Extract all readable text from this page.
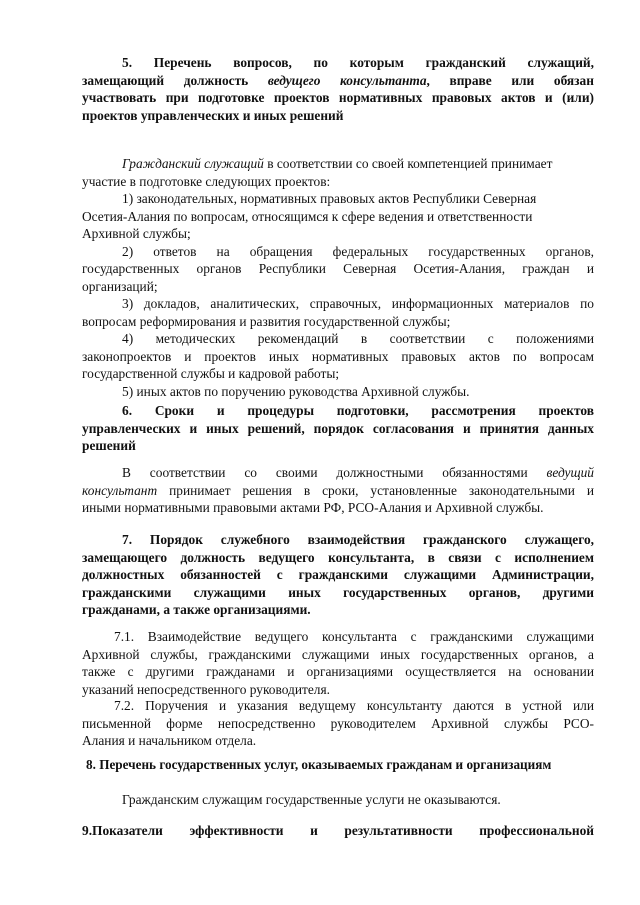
5. Перечень вопросов, по которым гражданский служащий,
замещающий должность ведущего консультанта, вправе или обязан
участвовать при подготовке проектов нормативных правовых актов и (или)
проектов управленческих и иных решений
Гражданский служащий в соответствии со своей компетенцией принимает
участие в подготовке следующих проектов:
1) законодательных, нормативных правовых актов Республики Северная
Осетия-Алания по вопросам, относящимся к сфере ведения и ответственности
Архивной службы;
2) ответов на обращения федеральных государственных органов,
государственных органов Республики Северная Осетия-Алания, граждан и
организаций;
3) докладов, аналитических, справочных, информационных материалов по
вопросам реформирования и развития государственной службы;
4) методических рекомендаций в соответствии с положениями
законопроектов и проектов иных нормативных правовых актов по вопросам
государственной службы и кадровой работы;
5) иных актов по поручению руководства Архивной службы.
6. Сроки и процедуры подготовки, рассмотрения проектов
управленческих и иных решений, порядок согласования и принятия данных
решений
В соответствии со своими должностными обязанностями ведущий
консультант принимает решения в сроки, установленные законодательными и
иными нормативными правовыми актами РФ, РСО-Алания и Архивной службы.
7. Порядок служебного взаимодействия гражданского служащего,
замещающего должность ведущего консультанта, в связи с исполнением
должностных обязанностей с гражданскими служащими Администрации,
гражданскими служащими иных государственных органов, другими
гражданами, а также организациями.
7.1. Взаимодействие ведущего консультанта с гражданскими служащими
Архивной службы, гражданскими служащими иных государственных органов, а
также с другими гражданами и организациями осуществляется на основании
указаний непосредственного руководителя.
7.2. Поручения и указания ведущему консультанту даются в устной или
письменной форме непосредственно руководителем Архивной службы РСО-
Алания и начальником отдела.
8. Перечень государственных услуг, оказываемых гражданам и организациям
Гражданским служащим государственные услуги не оказываются.
9.Показатели эффективности и результативности профессиональной
